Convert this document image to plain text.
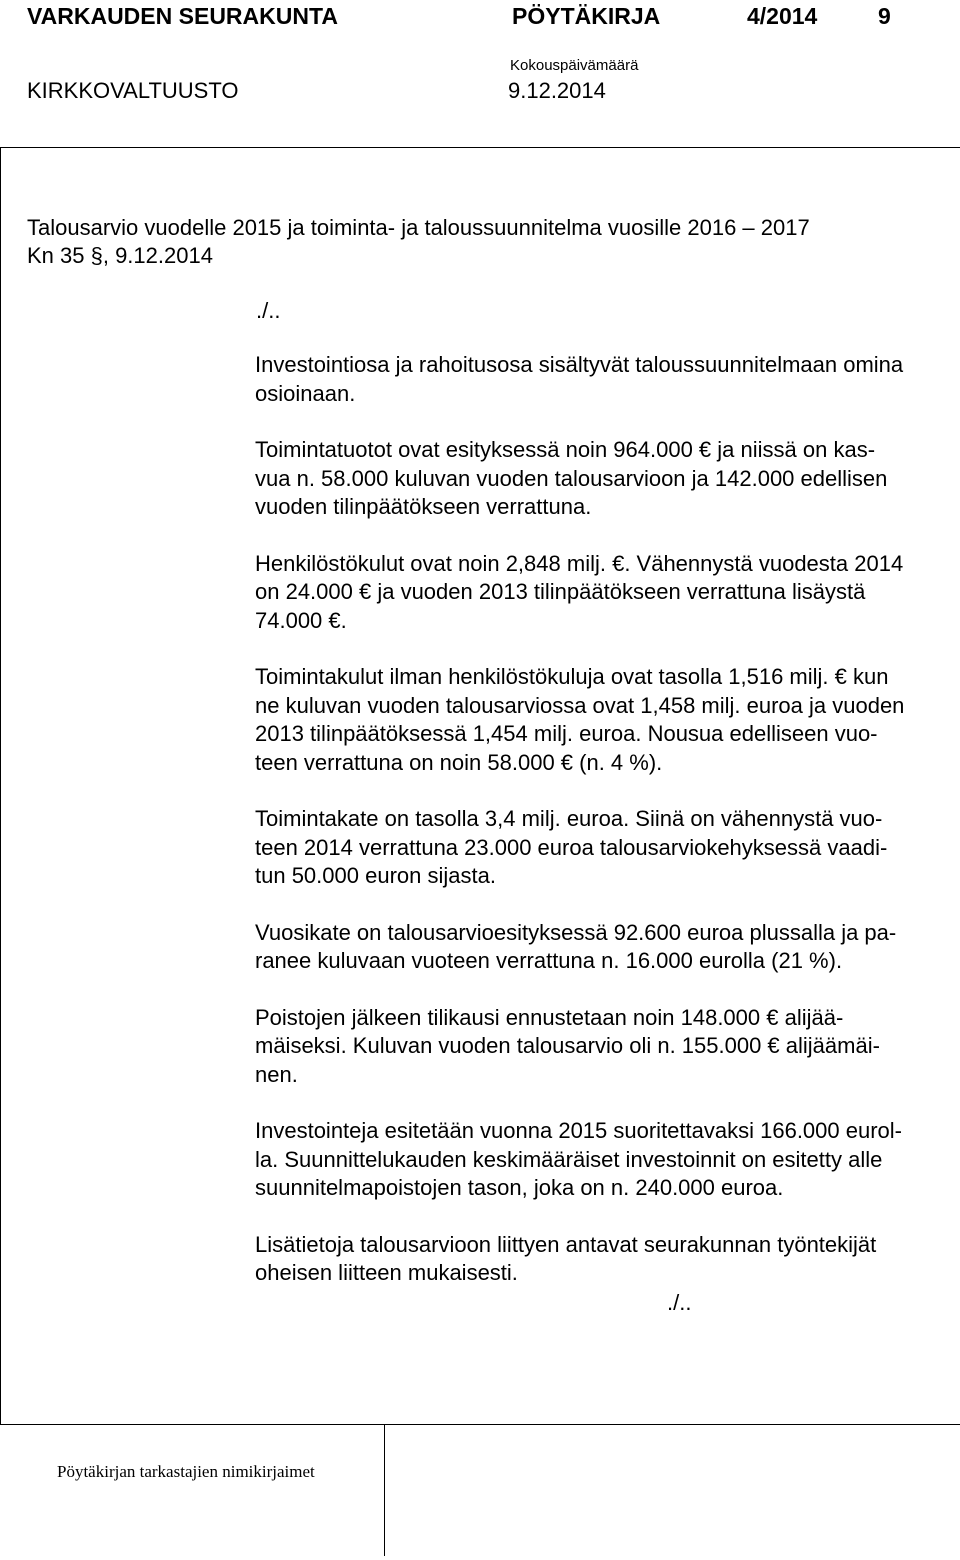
VARKAUDEN SEURAKUNTA	PÖYTÄKIRJA	4/2014	9
KIRKKOVALTUUSTO
Kokouspäivämäärä
9.12.2014
Talousarvio vuodelle 2015 ja toiminta- ja taloussuunnitelma vuosille 2016 – 2017
Kn 35 §, 9.12.2014
./..
Investointiosa ja rahoitusosa sisältyvät taloussuunnitelmaan omina
osioinaan.
Toimintatuotot ovat esityksessä noin 964.000 € ja niissä on kas-
vua n. 58.000 kuluvan vuoden talousarvioon ja 142.000 edellisen
vuoden tilinpäätökseen verrattuna.
Henkilöstökulut ovat noin 2,848 milj. €. Vähennystä vuodesta 2014
on 24.000 € ja vuoden 2013 tilinpäätökseen verrattuna lisäystä
74.000 €.
Toimintakulut ilman henkilöstökuluja ovat tasolla 1,516 milj. € kun
ne kuluvan vuoden talousarviossa ovat 1,458 milj. euroa ja vuoden
2013 tilinpäätöksessä 1,454 milj. euroa. Nousua edelliseen vuo-
teen verrattuna on noin 58.000 € (n. 4 %).
Toimintakate on tasolla 3,4 milj. euroa. Siinä on vähennystä vuo-
teen 2014 verrattuna 23.000 euroa talousarviokehyksessä vaadi-
tun 50.000 euron sijasta.
Vuosikate on talousarvioesityksessä 92.600 euroa plussalla ja pa-
ranee kuluvaan vuoteen verrattuna n. 16.000 eurolla (21 %).
Poistojen jälkeen tilikausi ennustetaan noin 148.000 € alijää-
mäiseksi. Kuluvan vuoden talousarvio oli n. 155.000 € alijäämäi-
nen.
Investointeja esitetään vuonna 2015 suoritettavaksi 166.000 eurol-
la. Suunnittelukauden keskimääräiset investoinnit on esitetty alle
suunnitelmapoistojen tason, joka on n. 240.000 euroa.
Lisätietoja talousarvioon liittyen antavat seurakunnan työntekijät
oheisen liitteen mukaisesti.
./..
Pöytäkirjan tarkastajien nimikirjaimet
